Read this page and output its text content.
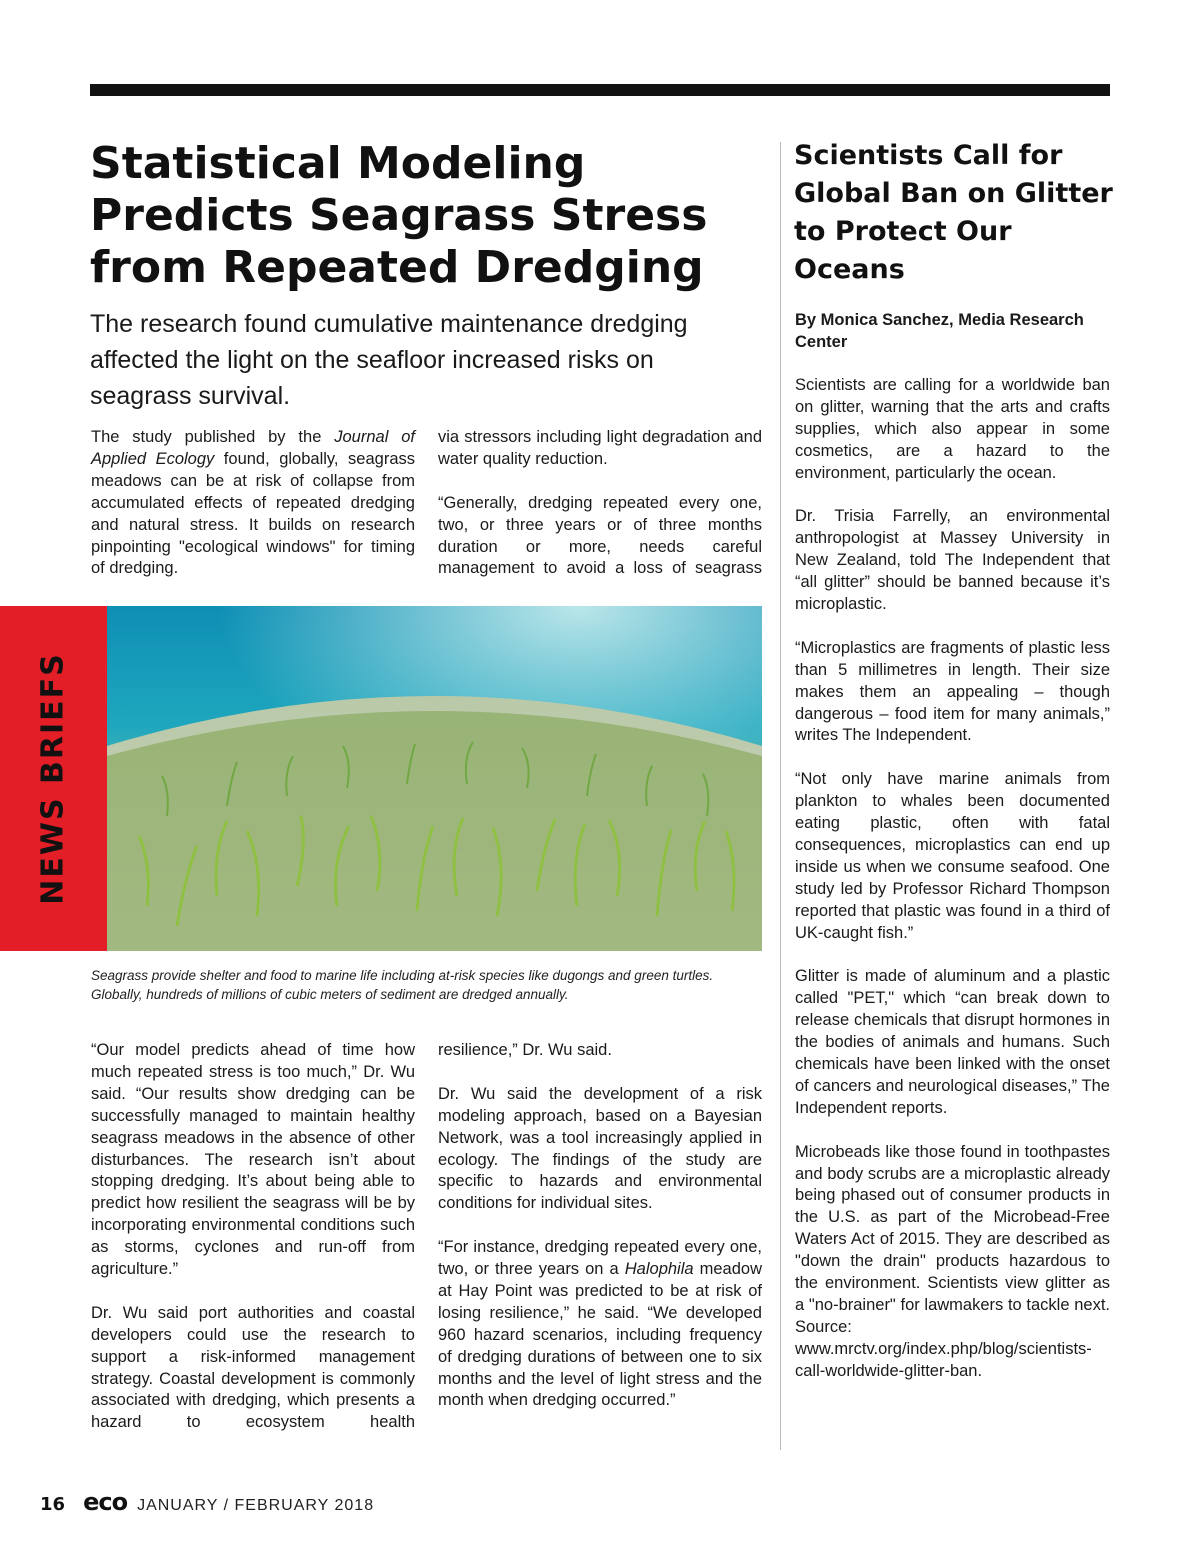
NEWS BRIEFS
Statistical Modeling Predicts Seagrass Stress from Repeated Dredging

The research found cumulative maintenance dredging affected the light on the seafloor increased risks on seagrass survival.

The study published by the Journal of Applied Ecology found, globally, seagrass meadows can be at risk of collapse from accumulated effects of repeated dredging and natural stress. It builds on research pinpointing "ecological windows" for timing of dredging.

via stressors including light degradation and water quality reduction.

“Generally, dredging repeated every one, two, or three years or of three months duration or more, needs careful management to avoid a loss of seagrass

Seagrass provide shelter and food to marine life including at-risk species like dugongs and green turtles. Globally, hundreds of millions of cubic meters of sediment are dredged annually.

“Our model predicts ahead of time how much repeated stress is too much,” Dr. Wu said. “Our results show dredging can be successfully managed to maintain healthy seagrass meadows in the absence of other disturbances. The research isn’t about stopping dredging. It’s about being able to predict how resilient the seagrass will be by incorporating environmental conditions such as storms, cyclones and run-off from agriculture.”

Dr. Wu said port authorities and coastal developers could use the research to support a risk-informed management strategy. Coastal development is commonly associated with dredging, which presents a hazard to ecosystem health

resilience,” Dr. Wu said.

Dr. Wu said the development of a risk modeling approach, based on a Bayesian Network, was a tool increasingly applied in ecology. The findings of the study are specific to hazards and environmental conditions for individual sites.

“For instance, dredging repeated every one, two, or three years on a Halophila meadow at Hay Point was predicted to be at risk of losing resilience,” he said. “We developed 960 hazard scenarios, including frequency of dredging durations of between one to six months and the level of light stress and the month when dredging occurred.”

Scientists Call for Global Ban on Glitter to Protect Our Oceans

By Monica Sanchez, Media Research Center

Scientists are calling for a worldwide ban on glitter, warning that the arts and crafts supplies, which also appear in some cosmetics, are a hazard to the environment, particularly the ocean.

Dr. Trisia Farrelly, an environmental anthropologist at Massey University in New Zealand, told The Independent that “all glitter” should be banned because it’s microplastic.

“Microplastics are fragments of plastic less than 5 millimetres in length. Their size makes them an appealing – though dangerous – food item for many animals,” writes The Independent.

“Not only have marine animals from plankton to whales been documented eating plastic, often with fatal consequences, microplastics can end up inside us when we consume seafood. One study led by Professor Richard Thompson reported that plastic was found in a third of UK-caught fish.”

Glitter is made of aluminum and a plastic called "PET," which “can break down to release chemicals that disrupt hormones in the bodies of animals and humans. Such chemicals have been linked with the onset of cancers and neurological diseases,” The Independent reports.

Microbeads like those found in toothpastes and body scrubs are a microplastic already being phased out of consumer products in the U.S. as part of the Microbead-Free Waters Act of 2015. They are described as "down the drain" products hazardous to the environment. Scientists view glitter as a "no-brainer" for lawmakers to tackle next. Source: www.mrctv.org/index.php/blog/scientists-call-worldwide-glitter-ban.

16 eco JANUARY / FEBRUARY 2018
